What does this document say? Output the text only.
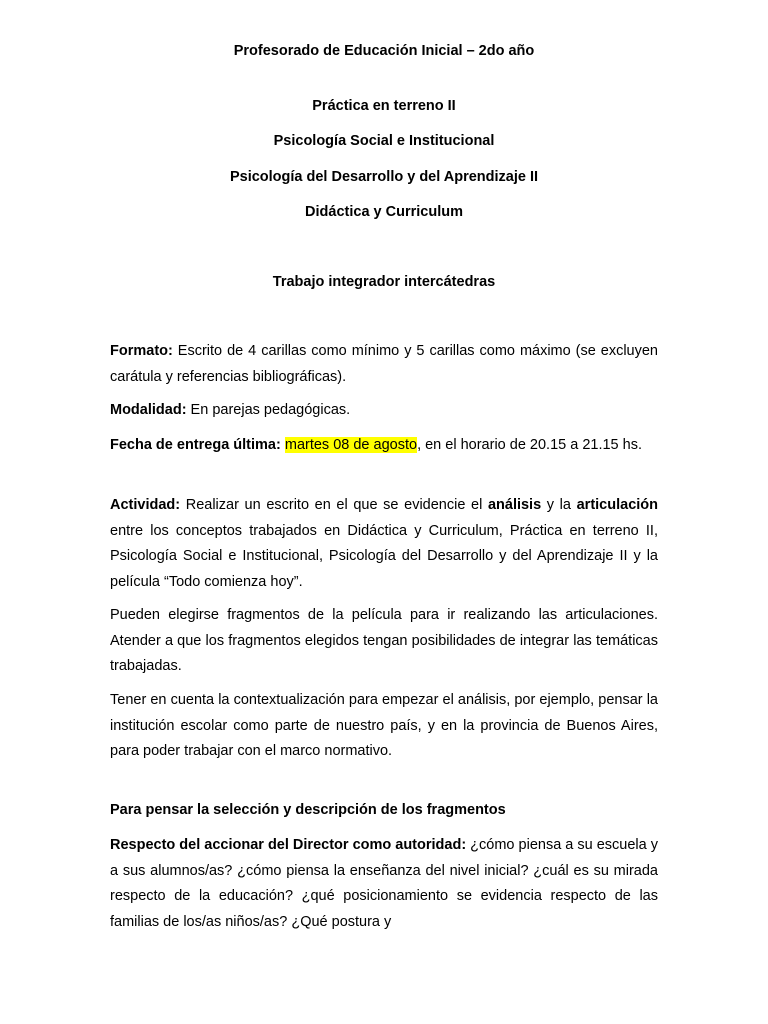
Profesorado de Educación Inicial – 2do año
Práctica en terreno II
Psicología Social e Institucional
Psicología del Desarrollo y del Aprendizaje II
Didáctica y Curriculum
Trabajo integrador intercátedras
Formato: Escrito de 4 carillas como mínimo y 5 carillas como máximo (se excluyen carátula y referencias bibliográficas).
Modalidad: En parejas pedagógicas.
Fecha de entrega última: martes 08 de agosto, en el horario de 20.15 a 21.15 hs.
Actividad: Realizar un escrito en el que se evidencie el análisis y la articulación entre los conceptos trabajados en Didáctica y Curriculum, Práctica en terreno II, Psicología Social e Institucional, Psicología del Desarrollo y del Aprendizaje II y la película “Todo comienza hoy”.
Pueden elegirse fragmentos de la película para ir realizando las articulaciones. Atender a que los fragmentos elegidos tengan posibilidades de integrar las temáticas trabajadas.
Tener en cuenta la contextualización para empezar el análisis, por ejemplo, pensar la institución escolar como parte de nuestro país, y en la provincia de Buenos Aires, para poder trabajar con el marco normativo.
Para pensar la selección y descripción de los fragmentos
Respecto del accionar del Director como autoridad: ¿cómo piensa a su escuela y a sus alumnos/as? ¿cómo piensa la enseñanza del nivel inicial? ¿cuál es su mirada respecto de la educación? ¿qué posicionamiento se evidencia respecto de las familias de los/as niños/as? ¿Qué postura y
